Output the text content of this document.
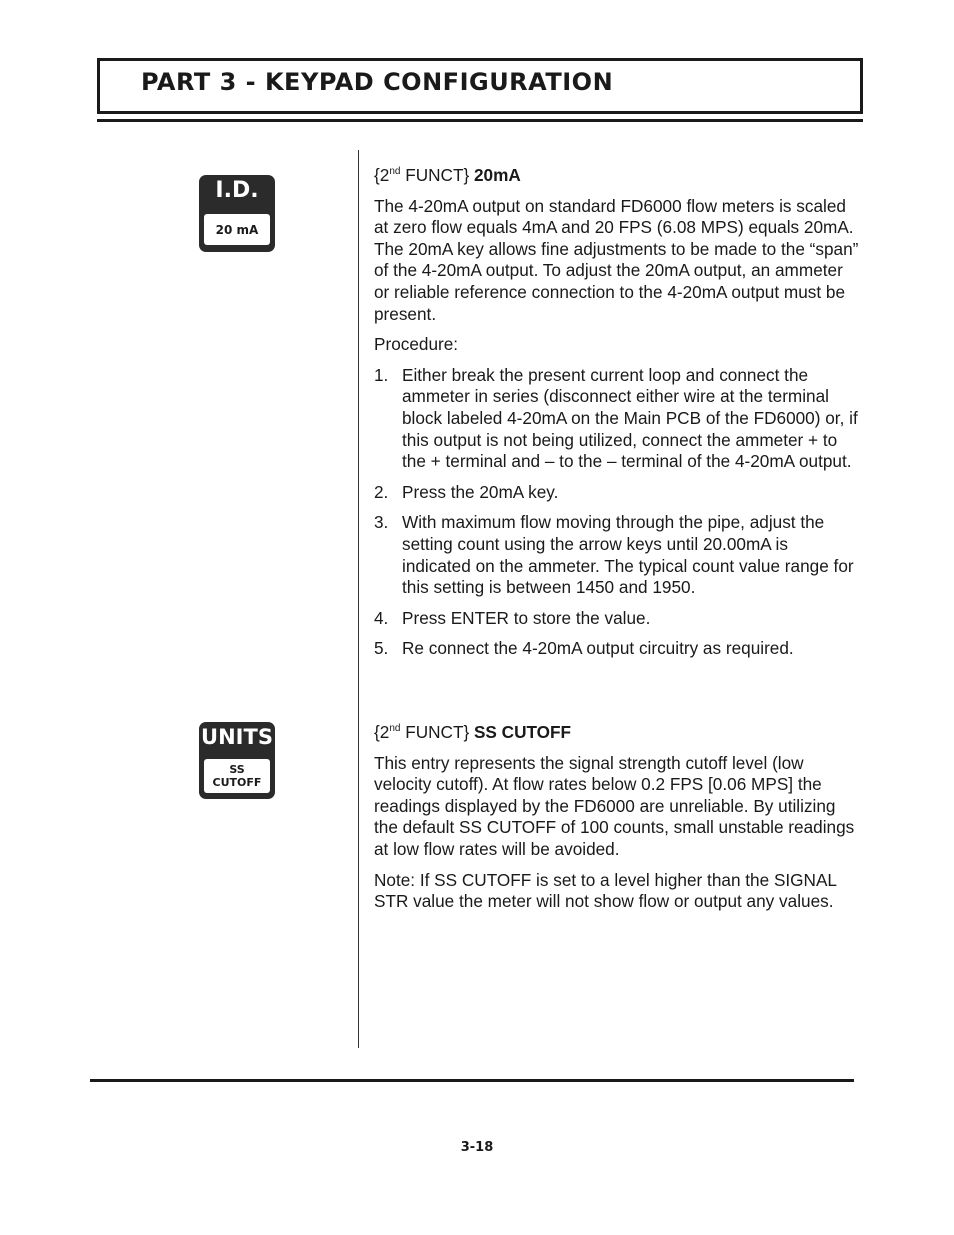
PART 3 - KEYPAD CONFIGURATION
I.D.
20 mA
UNITS
SS
CUTOFF

{2nd FUNCT} 20mA

The 4-20mA output on standard FD6000 flow meters is scaled at zero flow equals 4mA and 20 FPS (6.08 MPS) equals 20mA. The 20mA key allows fine adjustments to be made to the “span” of the 4-20mA output. To adjust the 20mA output, an ammeter or reliable reference connection to the 4-20mA output must be present.

Procedure:

1. Either break the present current loop and connect the ammeter in series (disconnect either wire at the terminal block labeled 4-20mA on the Main PCB of the FD6000) or, if this output is not being utilized, connect the ammeter + to the + terminal and – to the – terminal of the 4-20mA output.
2. Press the 20mA key.
3. With maximum flow moving through the pipe, adjust the setting count using the arrow keys until 20.00mA is indicated on the ammeter. The typical count value range for this setting is between 1450 and 1950.
4. Press ENTER to store the value.
5. Re connect the 4-20mA output circuitry as required.

{2nd FUNCT} SS CUTOFF

This entry represents the signal strength cutoff level (low velocity cutoff). At flow rates below 0.2 FPS [0.06 MPS] the readings displayed by the FD6000 are unreliable. By utilizing the default SS CUTOFF of 100 counts, small unstable readings at low flow rates will be avoided.

Note: If SS CUTOFF is set to a level higher than the SIGNAL STR value the meter will not show flow or output any values.

3-18
